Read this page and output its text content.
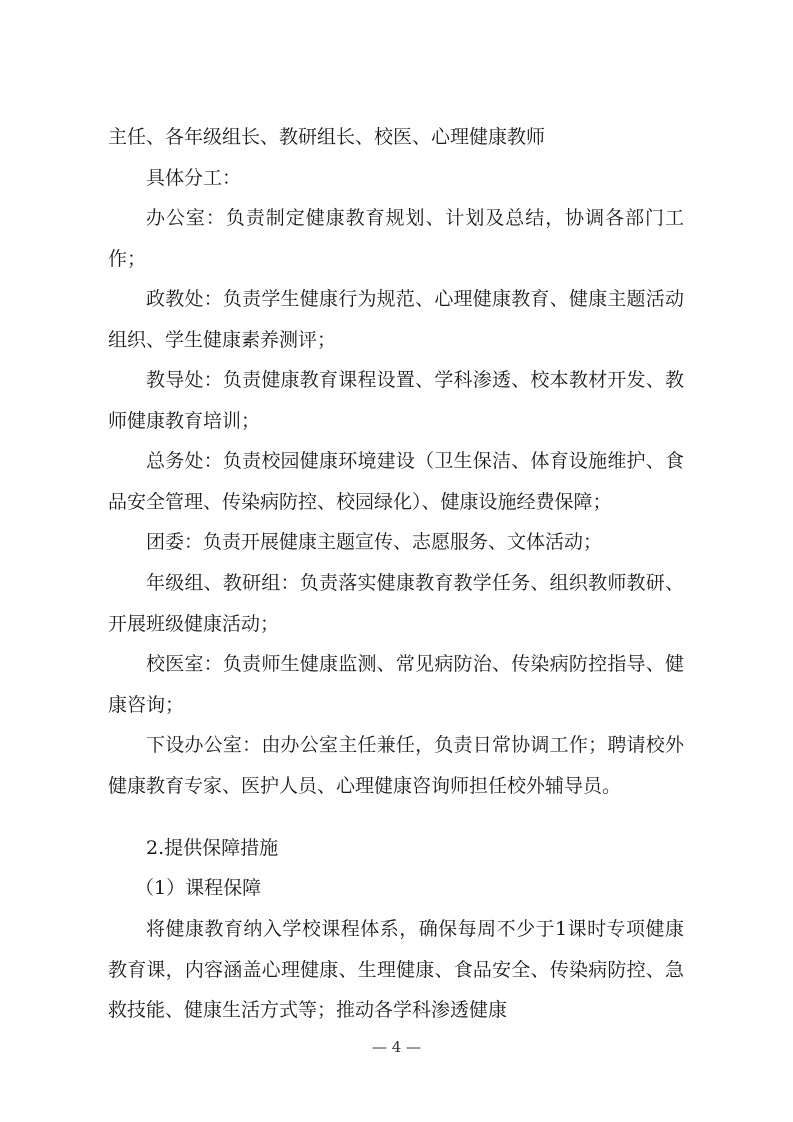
主任、各年级组长、教研组长、校医、心理健康教师

具体分工：

办公室：负责制定健康教育规划、计划及总结，协调各部门工作；

政教处：负责学生健康行为规范、心理健康教育、健康主题活动组织、学生健康素养测评；

教导处：负责健康教育课程设置、学科渗透、校本教材开发、教师健康教育培训；

总务处：负责校园健康环境建设（卫生保洁、体育设施维护、食品安全管理、传染病防控、校园绿化）、健康设施经费保障；

团委：负责开展健康主题宣传、志愿服务、文体活动；

年级组、教研组：负责落实健康教育教学任务、组织教师教研、开展班级健康活动；

校医室：负责师生健康监测、常见病防治、传染病防控指导、健康咨询；

下设办公室：由办公室主任兼任，负责日常协调工作；聘请校外健康教育专家、医护人员、心理健康咨询师担任校外辅导员。

2.提供保障措施

（1）课程保障

将健康教育纳入学校课程体系，确保每周不少于1课时专项健康教育课，内容涵盖心理健康、生理健康、食品安全、传染病防控、急救技能、健康生活方式等；推动各学科渗透健康

— 4 —
